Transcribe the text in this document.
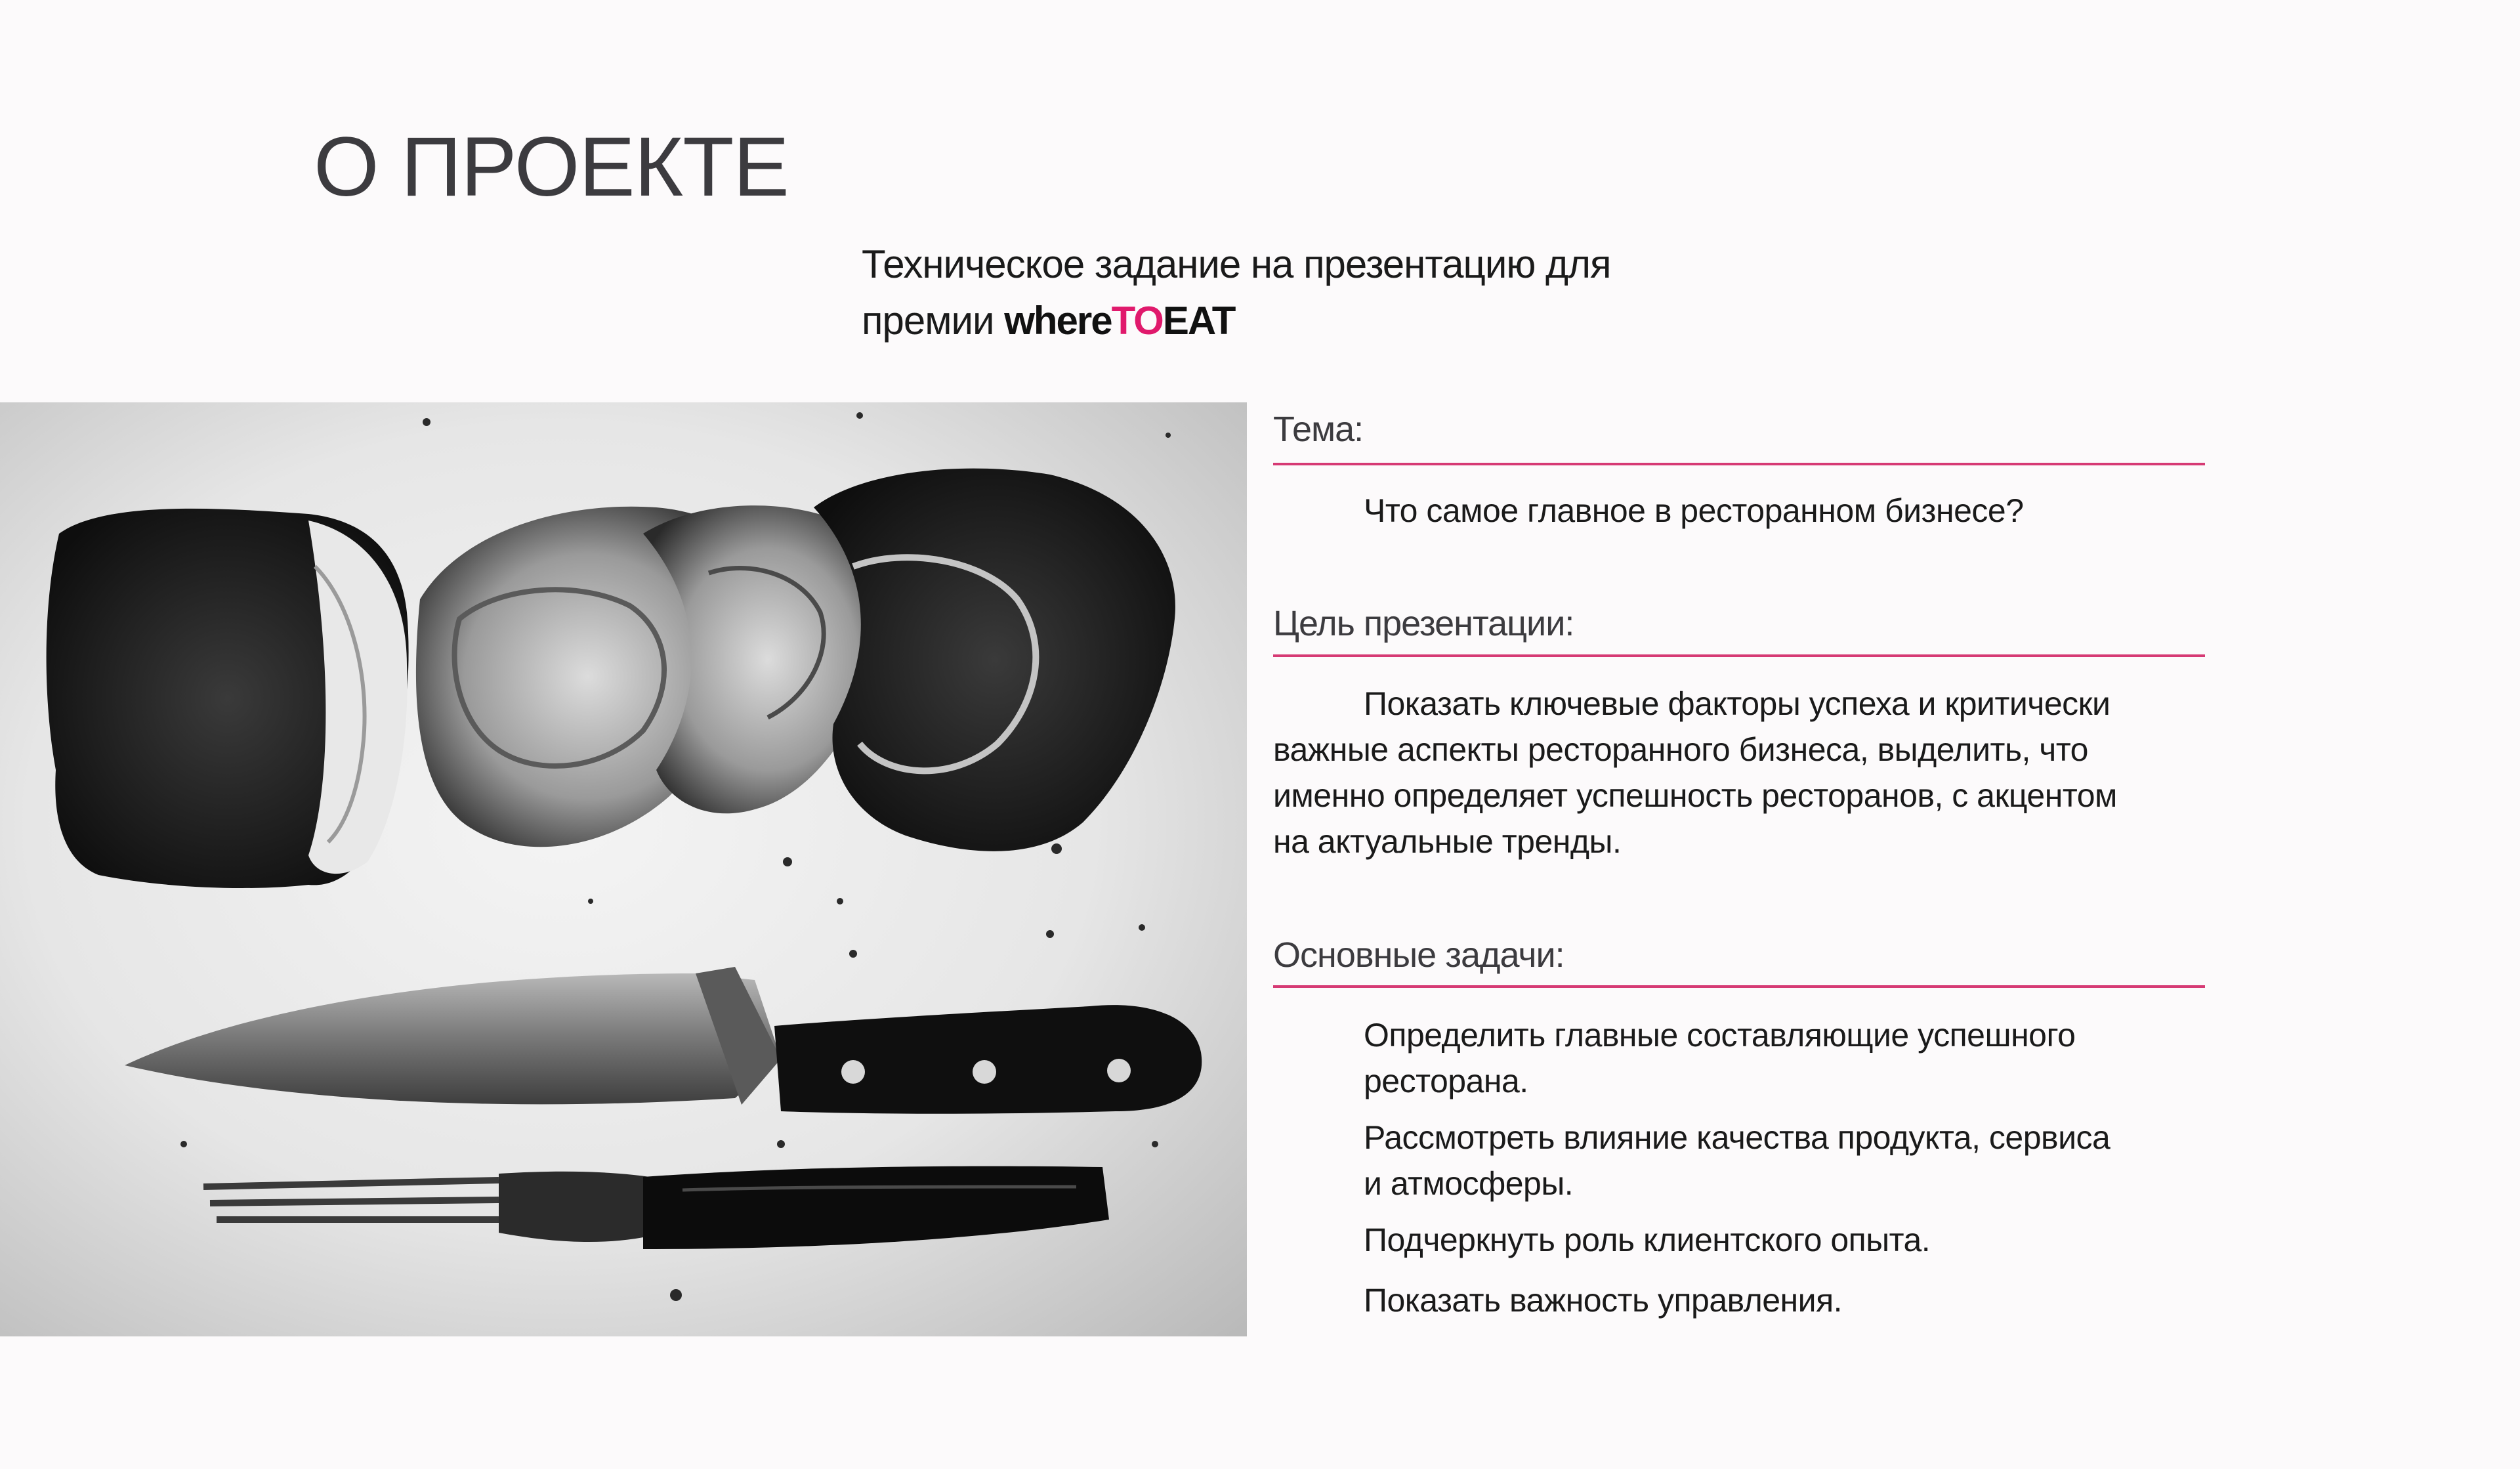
О ПРОЕКТЕ
Техническое задание на презентацию для
премии whereTOEAT
Тема:
Что самое главное в ресторанном бизнесе?
Цель презентации:
Показать ключевые факторы успеха и критически
важные аспекты ресторанного бизнеса, выделить, что
именно определяет успешность ресторанов, с акцентом
на актуальные тренды.
Основные задачи:
Определить главные составляющие успешного
ресторана.
Рассмотреть влияние качества продукта, сервиса
и атмосферы.
Подчеркнуть роль клиентского опыта.
Показать важность управления.
